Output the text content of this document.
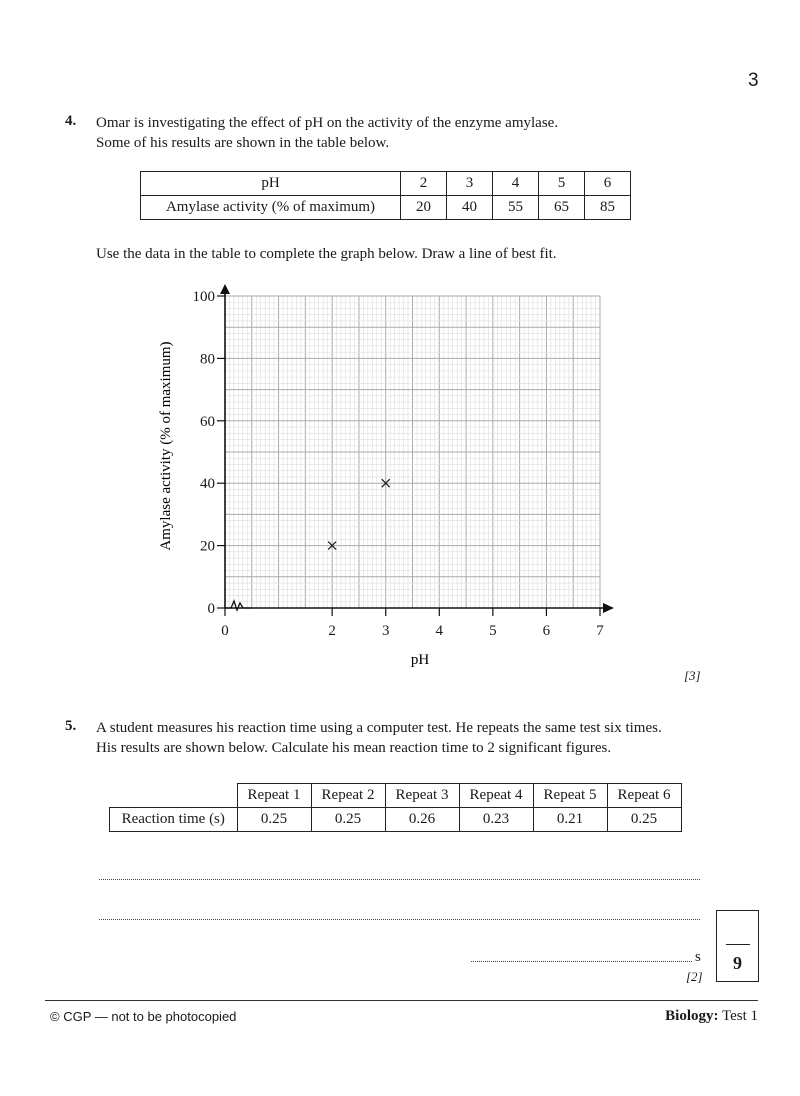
3
4. Omar is investigating the effect of pH on the activity of the enzyme amylase.
Some of his results are shown in the table below.
pH	2	3	4	5	6
Amylase activity (% of maximum)	20	40	55	65	85
Use the data in the table to complete the graph below. Draw a line of best fit.
0
20
40
60
80
100
0	2	3	4	5	6	7
pH
Amylase activity (% of maximum)
[3]
5. A student measures his reaction time using a computer test. He repeats the same test six times.
His results are shown below. Calculate his mean reaction time to 2 significant figures.
	Repeat 1	Repeat 2	Repeat 3	Repeat 4	Repeat 5	Repeat 6
Reaction time (s)	0.25	0.25	0.26	0.23	0.21	0.25
s
[2]
9
© CGP — not to be photocopied	Biology: Test 1
